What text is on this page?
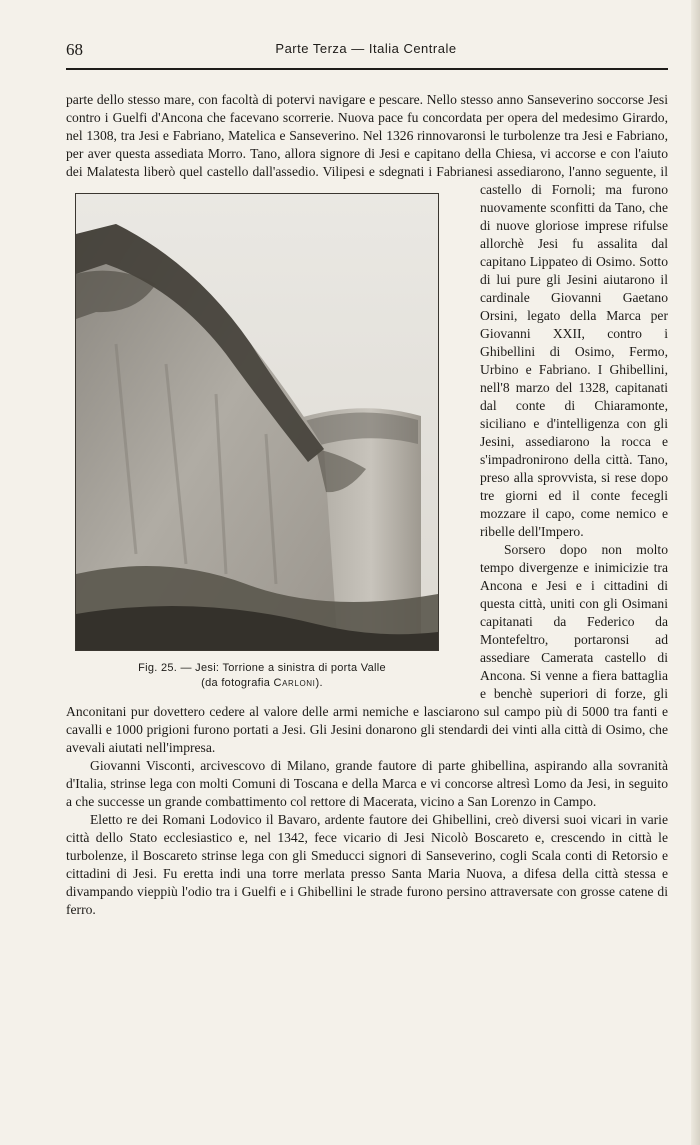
68	Parte Terza — Italia Centrale

parte dello stesso mare, con facoltà di potervi navigare e pescare. Nello stesso anno Sanseverino soccorse Jesi contro i Guelfi d'Ancona che facevano scorrerie. Nuova pace fu concordata per opera del medesimo Girardo, nel 1308, tra Jesi e Fabriano, Matelica e Sanseverino. Nel 1326 rinnovaronsi le turbolenze tra Jesi e Fabriano, per aver questa assediata Morro. Tano, allora signore di Jesi e capitano della Chiesa, vi accorse e con l'aiuto dei Malatesta liberò quel castello dall'assedio. Vilipesi e sdegnati i Fabria
Fig. 25. — Jesi: Torrione a sinistra di porta Valle
(da fotografia Carloni).
nesi assediarono, l'anno seguente, il castello di Fornoli; ma furono nuovamente sconfitti da Tano, che di nuove gloriose imprese rifulse allorchè Jesi fu assalita dal capitano Lippateo di Osimo. Sotto di lui pure gli Jesini aiutarono il cardinale Giovanni Gaetano Orsini, legato della Marca per Giovanni XXII, contro i Ghibellini di Osimo, Fermo, Urbino e Fabriano. I Ghibellini, nell'8 marzo del 1328, capitanati dal conte di Chiaramonte, siciliano e d'intelligenza con gli Jesini, assediarono la rocca e s'impadronirono della città. Tano, preso alla sprovvista, si rese dopo tre giorni ed il conte fecegli mozzare il capo, come nemico e ribelle dell'Impero.

Sorsero dopo non molto tempo divergenze e inimicizie tra Ancona e Jesi e i cittadini di questa città, uniti con gli Osimani capitanati da Federico da Montefeltro, portaronsi ad assediare Camerata castello di Ancona. Si venne a fiera battaglia e benchè superiori di forze, gli Anconitani pur dovettero cedere al valore delle armi nemiche e lasciarono sul campo più di 5000 tra fanti e cavalli e 1000 prigioni furono portati a Jesi. Gli Jesini donarono gli stendardi dei vinti alla città di Osimo, che avevali aiutati nell'impresa.

Giovanni Visconti, arcivescovo di Milano, grande fautore di parte ghibellina, aspirando alla sovranità d'Italia, strinse lega con molti Comuni di Toscana e della Marca e vi concorse altresì Lomo da Jesi, in seguito a che successe un grande combattimento col rettore di Macerata, vicino a San Lorenzo in Campo.

Eletto re dei Romani Lodovico il Bavaro, ardente fautore dei Ghibellini, creò diversi suoi vicari in varie città dello Stato ecclesiastico e, nel 1342, fece vicario di Jesi Nicolò Boscareto e, crescendo in città le turbolenze, il Boscareto strinse lega con gli Smeducci signori di Sanseverino, cogli Scala conti di Retorsio e cittadini di Jesi. Fu eretta indi una torre merlata presso Santa Maria Nuova, a difesa della città stessa e divampando vieppiù l'odio tra i Guelfi e i Ghibellini le strade furono persino attraversate con grosse catene di ferro.
